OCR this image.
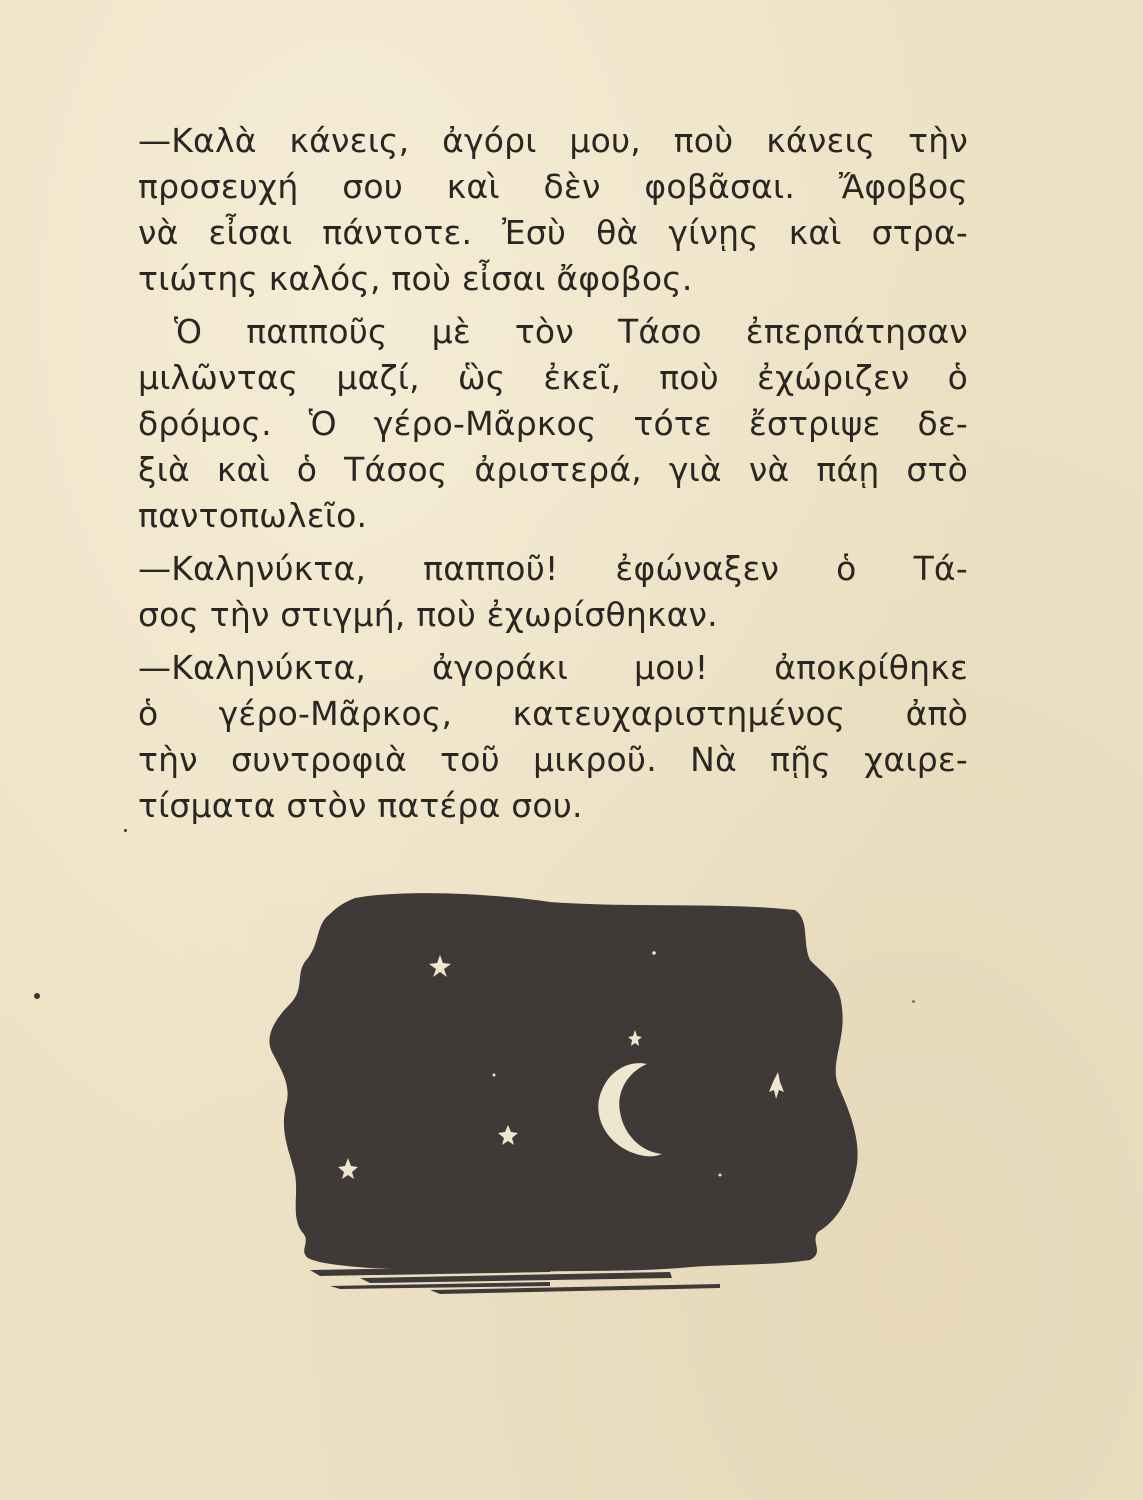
—Καλὰ κάνεις, ἀγόρι μου, ποὺ κάνεις τὴν
προσευχή σου καὶ δὲν φοβᾶσαι. Ἄφοβος
νὰ εἶσαι πάντοτε. Ἐσὺ θὰ γίνῃς καὶ στρα-
τιώτης καλός, ποὺ εἶσαι ἄφοβος.
Ὁ παπποῦς μὲ τὸν Τάσο ἐπερπάτησαν
μιλῶντας μαζί, ὣς ἐκεῖ, ποὺ ἐχώριζεν ὁ
δρόμος. Ὁ γέρο-Μᾶρκος τότε ἔστριψε δε-
ξιὰ καὶ ὁ Τάσος ἀριστερά, γιὰ νὰ πάῃ στὸ
παντοπωλεῖο.
—Καληνύκτα, παπποῦ! ἐφώναξεν ὁ Τά-
σος τὴν στιγμή, ποὺ ἐχωρίσθηκαν.
—Καληνύκτα, ἀγοράκι μου! ἀποκρίθηκε
ὁ γέρο-Μᾶρκος, κατευχαριστημένος ἀπὸ
τὴν συντροφιὰ τοῦ μικροῦ. Νὰ πῇς χαιρε-
τίσματα στὸν πατέρα σου.
